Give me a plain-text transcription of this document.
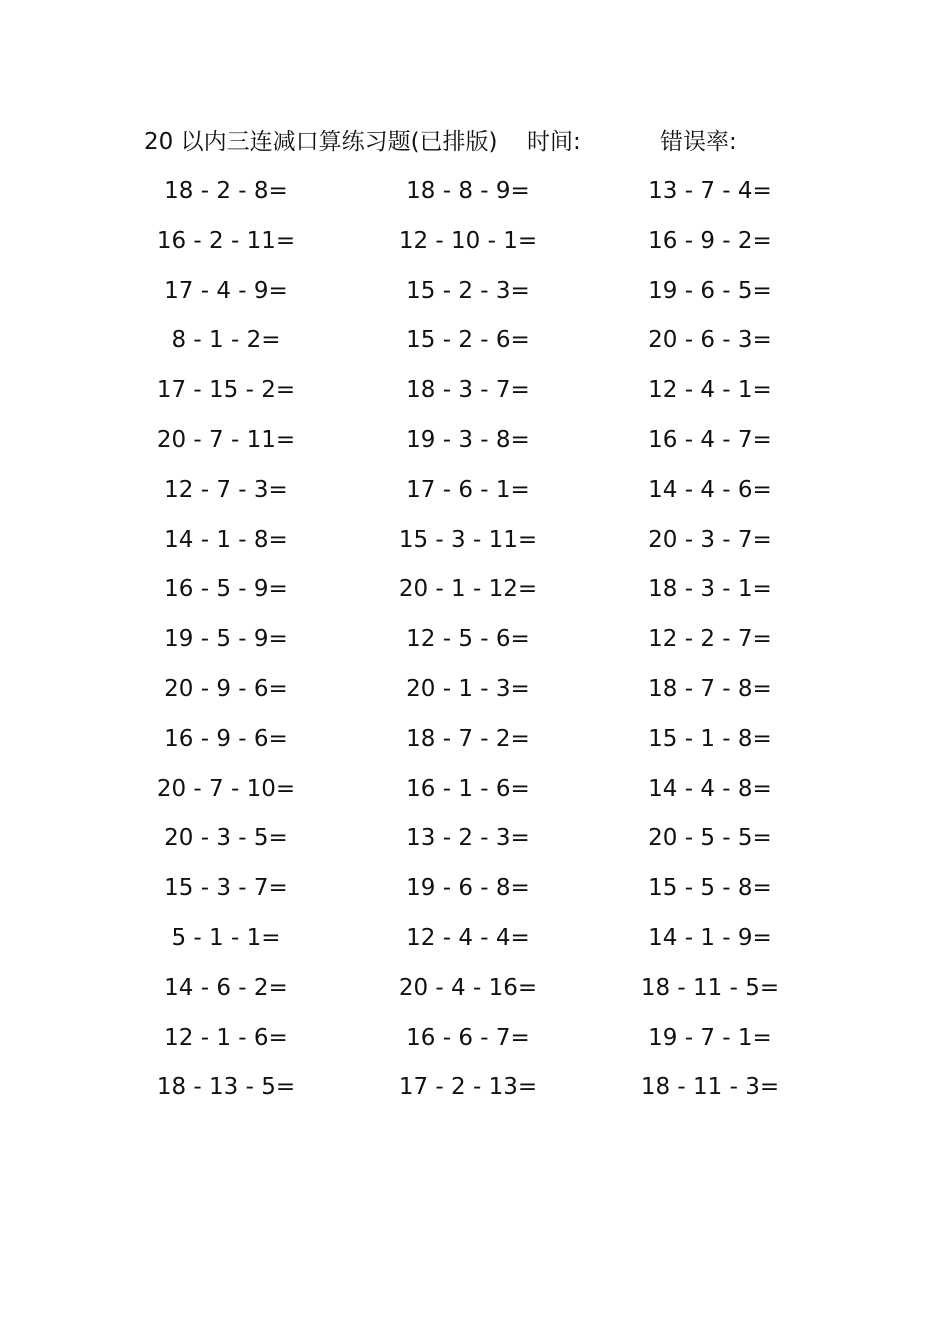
20 以内三连减口算练习题(已排版) 时间:	错误率:
18 - 2 - 8=	18 - 8 - 9=	13 - 7 - 4=
16 - 2 - 11=	12 - 10 - 1=	16 - 9 - 2=
17 - 4 - 9=	15 - 2 - 3=	19 - 6 - 5=
8 - 1 - 2=	15 - 2 - 6=	20 - 6 - 3=
17 - 15 - 2=	18 - 3 - 7=	12 - 4 - 1=
20 - 7 - 11=	19 - 3 - 8=	16 - 4 - 7=
12 - 7 - 3=	17 - 6 - 1=	14 - 4 - 6=
14 - 1 - 8=	15 - 3 - 11=	20 - 3 - 7=
16 - 5 - 9=	20 - 1 - 12=	18 - 3 - 1=
19 - 5 - 9=	12 - 5 - 6=	12 - 2 - 7=
20 - 9 - 6=	20 - 1 - 3=	18 - 7 - 8=
16 - 9 - 6=	18 - 7 - 2=	15 - 1 - 8=
20 - 7 - 10=	16 - 1 - 6=	14 - 4 - 8=
20 - 3 - 5=	13 - 2 - 3=	20 - 5 - 5=
15 - 3 - 7=	19 - 6 - 8=	15 - 5 - 8=
5 - 1 - 1=	12 - 4 - 4=	14 - 1 - 9=
14 - 6 - 2=	20 - 4 - 16=	18 - 11 - 5=
12 - 1 - 6=	16 - 6 - 7=	19 - 7 - 1=
18 - 13 - 5=	17 - 2 - 13=	18 - 11 - 3=
